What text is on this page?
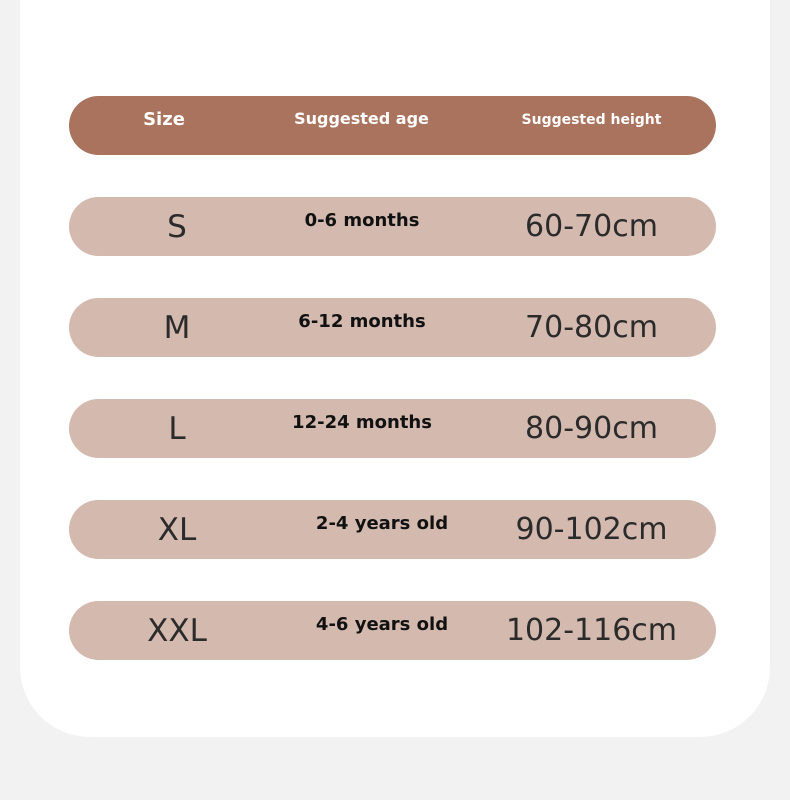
Size	Suggested age	Suggested height
S	0-6 months	60-70cm
M	6-12 months	70-80cm
L	12-24 months	80-90cm
XL	2-4 years old	90-102cm
XXL	4-6 years old	102-116cm
